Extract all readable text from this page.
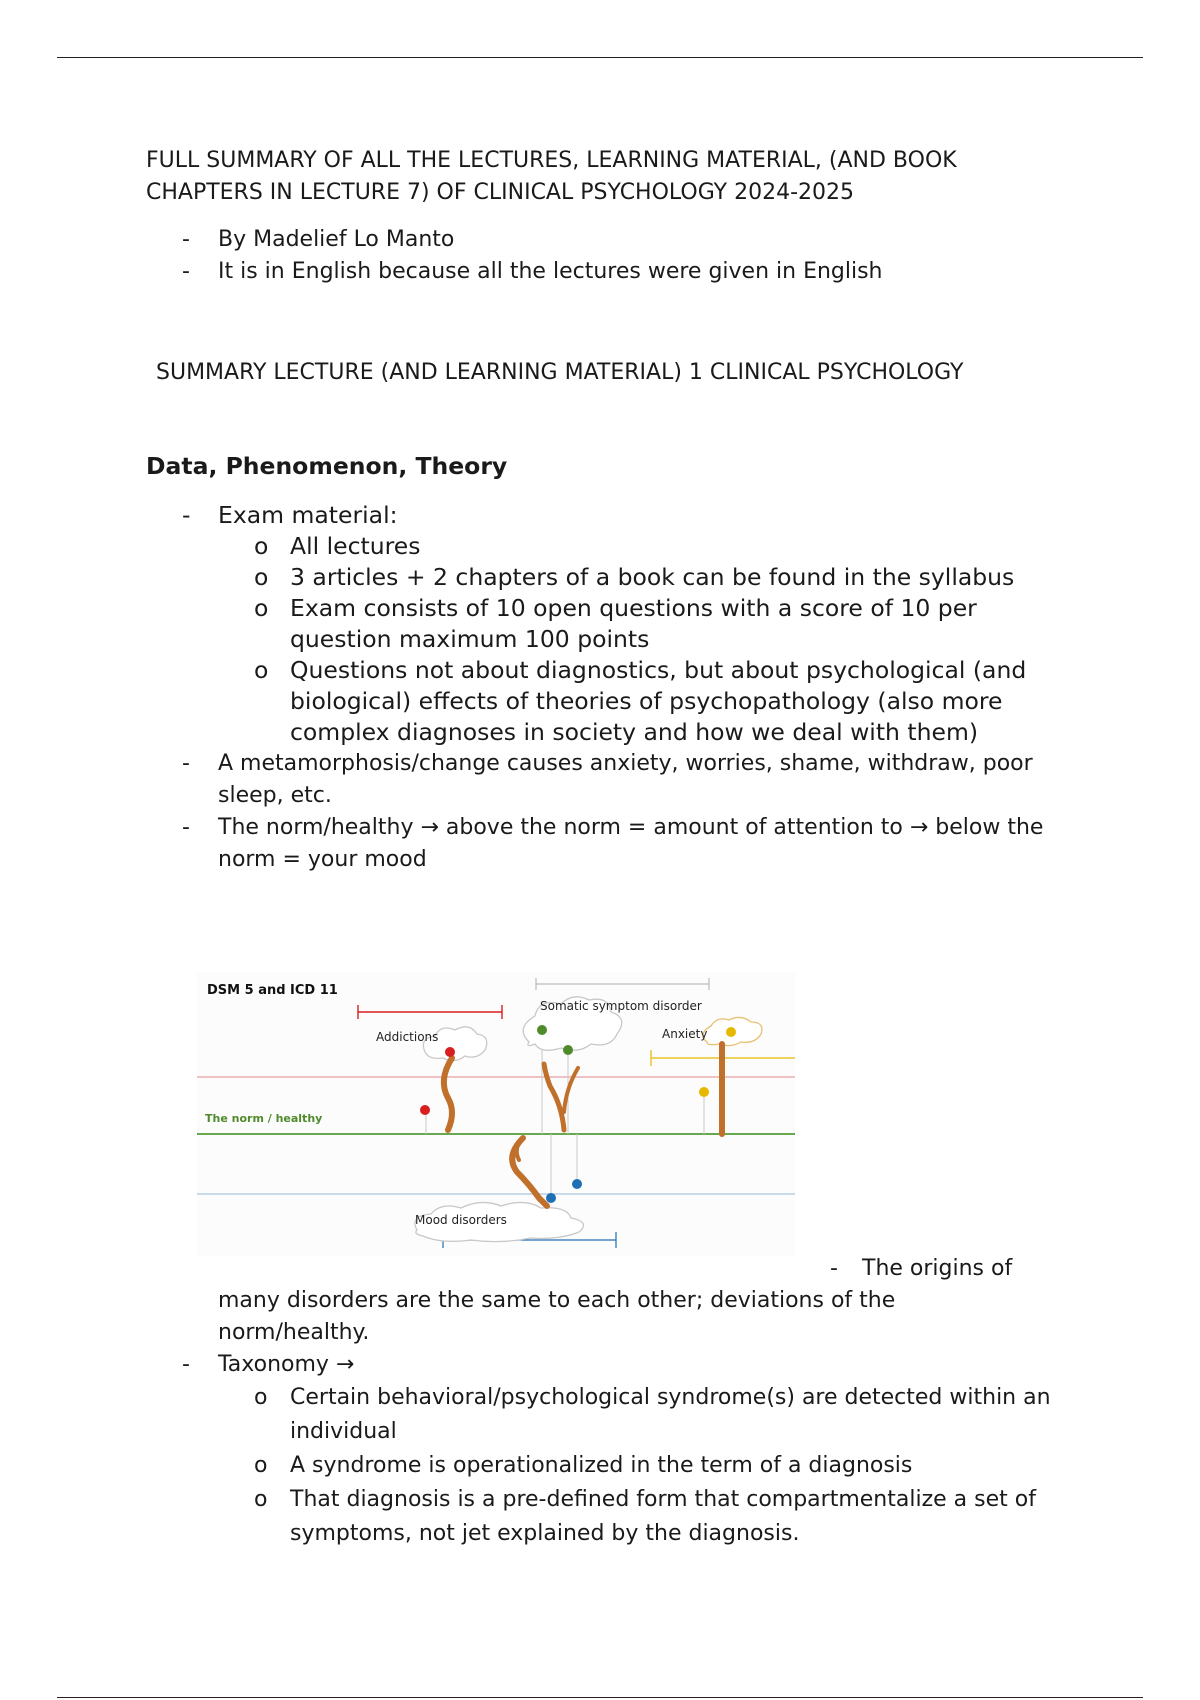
FULL SUMMARY OF ALL THE LECTURES, LEARNING MATERIAL, (AND BOOK CHAPTERS IN LECTURE 7) OF CLINICAL PSYCHOLOGY 2024-2025
- By Madelief Lo Manto
- It is in English because all the lectures were given in English
SUMMARY LECTURE (AND LEARNING MATERIAL) 1 CLINICAL PSYCHOLOGY
Data, Phenomenon, Theory
- Exam material:
o All lectures
o 3 articles + 2 chapters of a book can be found in the syllabus
o Exam consists of 10 open questions with a score of 10 per question maximum 100 points
o Questions not about diagnostics, but about psychological (and biological) effects of theories of psychopathology (also more complex diagnoses in society and how we deal with them)
- A metamorphosis/change causes anxiety, worries, shame, withdraw, poor sleep, etc.
- The norm/healthy → above the norm = amount of attention to → below the norm = your mood
- The origins of
many disorders are the same to each other; deviations of the norm/healthy.
- Taxonomy →
o Certain behavioral/psychological syndrome(s) are detected within an individual
o A syndrome is operationalized in the term of a diagnosis
o That diagnosis is a pre-defined form that compartmentalize a set of symptoms, not jet explained by the diagnosis.
DSM 5 and ICD 11
Addictions
Somatic symptom disorder
Anxiety
The norm / healthy
Mood disorders
